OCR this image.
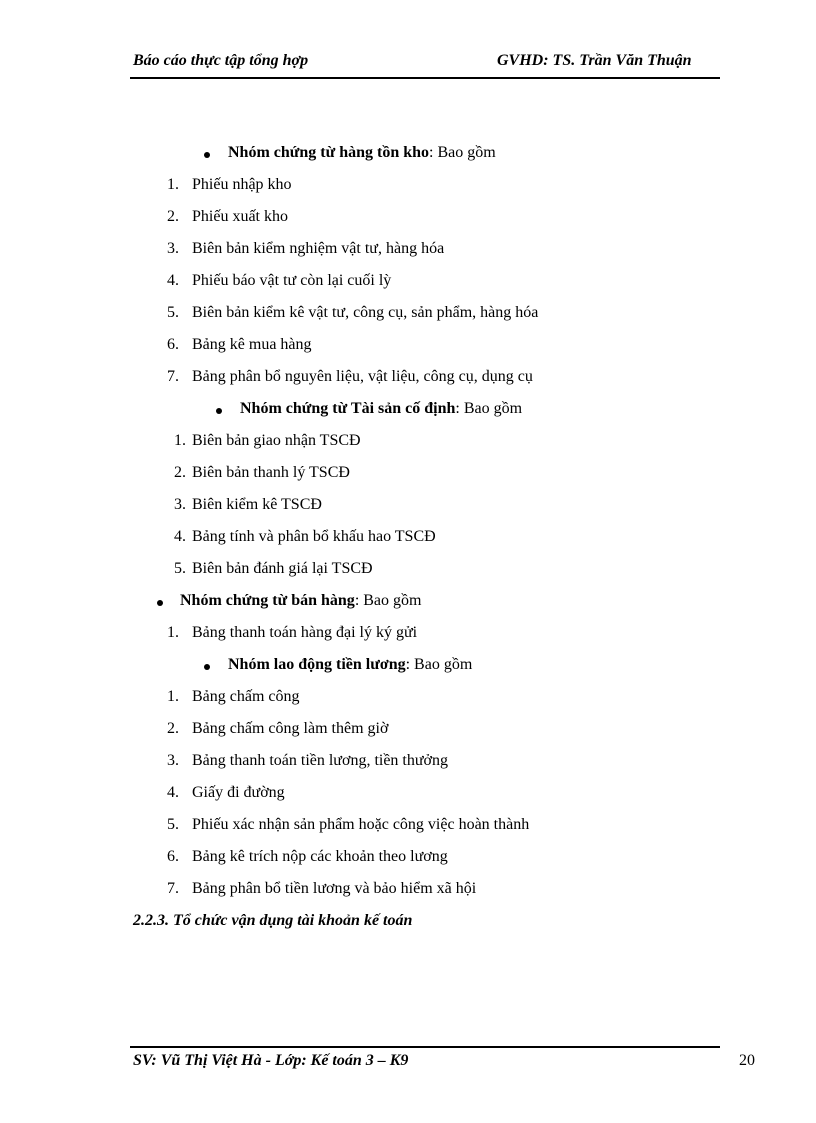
Báo cáo thực tập tổng hợp	GVHD: TS. Trần Văn Thuận
Nhóm chứng từ hàng tồn kho: Bao gồm
1. Phiếu nhập kho
2. Phiếu xuất kho
3. Biên bản kiểm nghiệm vật tư, hàng hóa
4. Phiếu báo vật tư còn lại cuối lỳ
5. Biên bản kiểm kê vật tư, công cụ, sản phẩm, hàng hóa
6. Bảng kê mua hàng
7. Bảng phân bổ nguyên liệu, vật liệu, công cụ, dụng cụ
Nhóm chứng từ Tài sản cố định: Bao gồm
1. Biên bản giao nhận TSCĐ
2. Biên bản thanh lý TSCĐ
3. Biên kiểm kê TSCĐ
4. Bảng tính và phân bổ khấu hao TSCĐ
5. Biên bản đánh giá lại TSCĐ
Nhóm chứng từ bán hàng: Bao gồm
1. Bảng thanh toán hàng đại lý ký gửi
Nhóm lao động tiền lương: Bao gồm
1. Bảng chấm công
2. Bảng chấm công làm thêm giờ
3. Bảng thanh toán tiền lương, tiền thưởng
4. Giấy đi đường
5. Phiếu xác nhận sản phẩm hoặc công việc hoàn thành
6. Bảng kê trích nộp các khoản theo lương
7. Bảng phân bổ tiền lương và bảo hiểm xã hội
2.2.3. Tổ chức vận dụng tài khoản kế toán
SV: Vũ Thị Việt Hà - Lớp: Kế toán 3 – K9	20
